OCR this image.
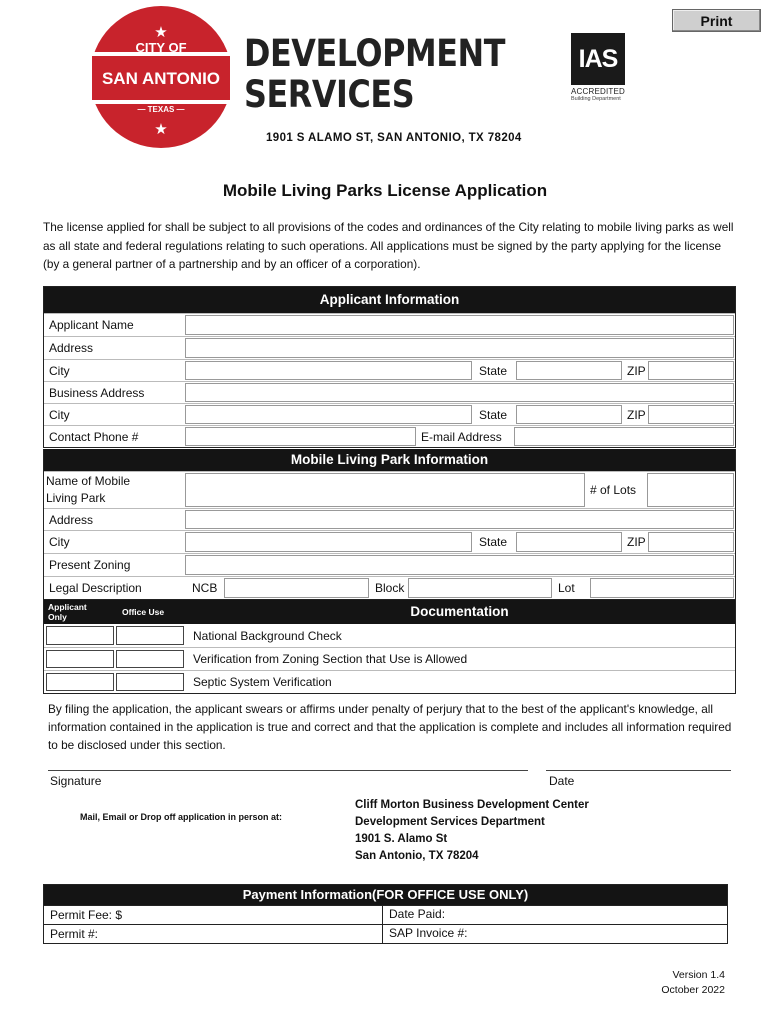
Print
★
CITY OF
SAN ANTONIO
— TEXAS —
★
DEVELOPMENT
SERVICES
IAS
ACCREDITED
Building Department
1901 S ALAMO ST, SAN ANTONIO, TX 78204
Mobile Living Parks License Application
The license applied for shall be subject to all provisions of the codes and ordinances of the City relating to mobile living parks as well as all state and federal regulations relating to such operations. All applications must be signed by the party applying for the license (by a general partner of a partnership and by an officer of a corporation).
Applicant Information
Applicant Name
Address
City	State	ZIP
Business Address
City	State	ZIP
Contact Phone #	E-mail Address
Mobile Living Park Information
Name of Mobile
Living Park
# of Lots
Address
City	State	ZIP
Present Zoning
Legal Description	NCB	Block	Lot
Applicant
Only	Office Use	Documentation
National Background Check
Verification from Zoning Section that Use is Allowed
Septic System Verification
By filing the application, the applicant swears or affirms under penalty of perjury that to the best of the applicant's knowledge, all information contained in the application is true and correct and that the application is complete and includes all information required to be disclosed under this section.
Signature	Date
Mail, Email or Drop off application in person at:
Cliff Morton Business Development Center
Development Services Department
1901 S. Alamo St
San Antonio, TX 78204
Payment Information(FOR OFFICE USE ONLY)
Permit Fee: $	Date Paid:
Permit #:	SAP Invoice #:
Version 1.4
October 2022
